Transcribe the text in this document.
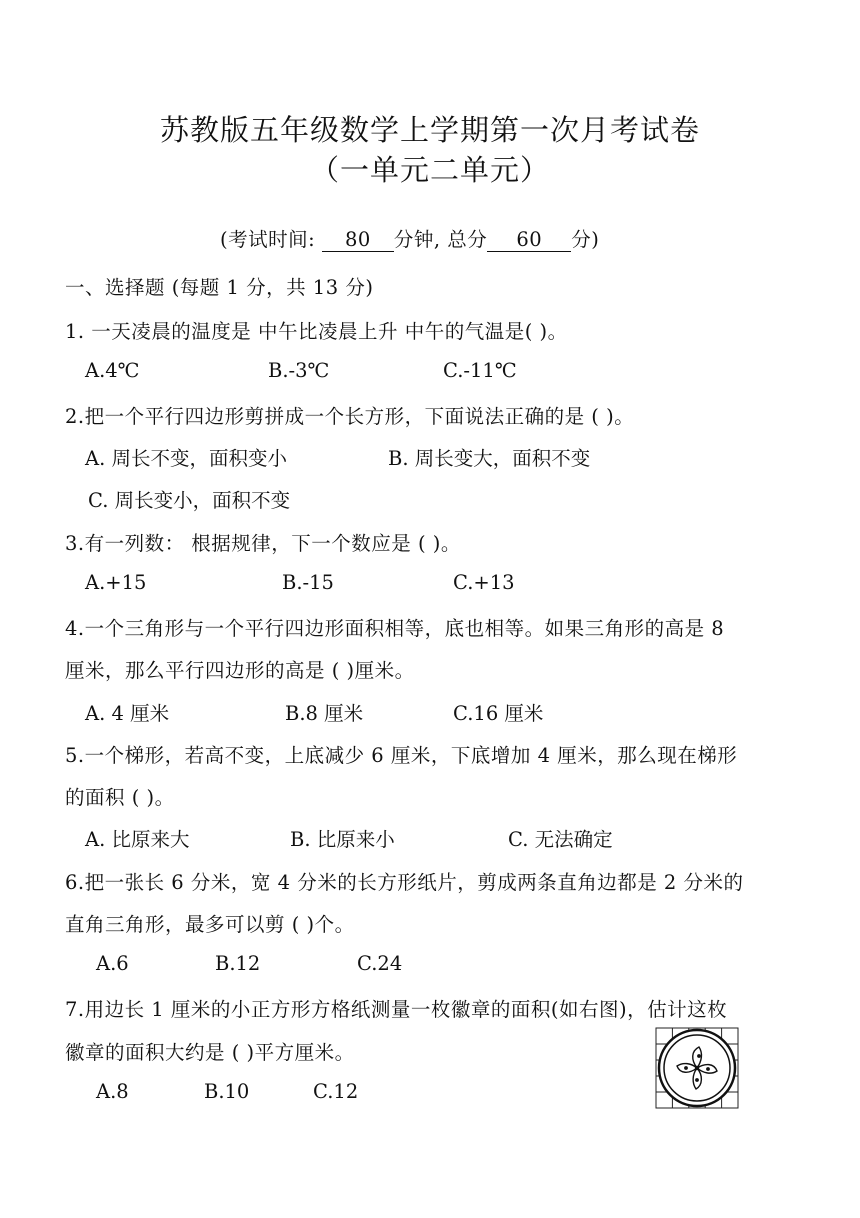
苏教版五年级数学上学期第一次月考试卷
（一单元二单元）
(考试时间: 80 分钟, 总分 60 分)
一、选择题 (每题 1 分，共 13 分)
1. 一天凌晨的温度是 中午比凌晨上升 中午的气温是( )。
A.4℃	B.-3℃	C.-11℃
2.把一个平行四边形剪拼成一个长方形，下面说法正确的是 ( )。
A. 周长不变，面积变小	B. 周长变大，面积不变
C. 周长变小，面积不变
3.有一列数： 根据规律，下一个数应是 ( )。
A.+15	B.-15	C.+13
4.一个三角形与一个平行四边形面积相等，底也相等。如果三角形的高是 8
厘米，那么平行四边形的高是 ( )厘米。
A. 4 厘米	B.8 厘米	C.16 厘米
5.一个梯形，若高不变，上底减少 6 厘米，下底增加 4 厘米，那么现在梯形
的面积 ( )。
A. 比原来大	B. 比原来小	C. 无法确定
6.把一张长 6 分米，宽 4 分米的长方形纸片，剪成两条直角边都是 2 分米的
直角三角形，最多可以剪 ( )个。
A.6	B.12	C.24
7.用边长 1 厘米的小正方形方格纸测量一枚徽章的面积(如右图)，估计这枚
徽章的面积大约是 ( )平方厘米。
A.8	B.10	C.12
